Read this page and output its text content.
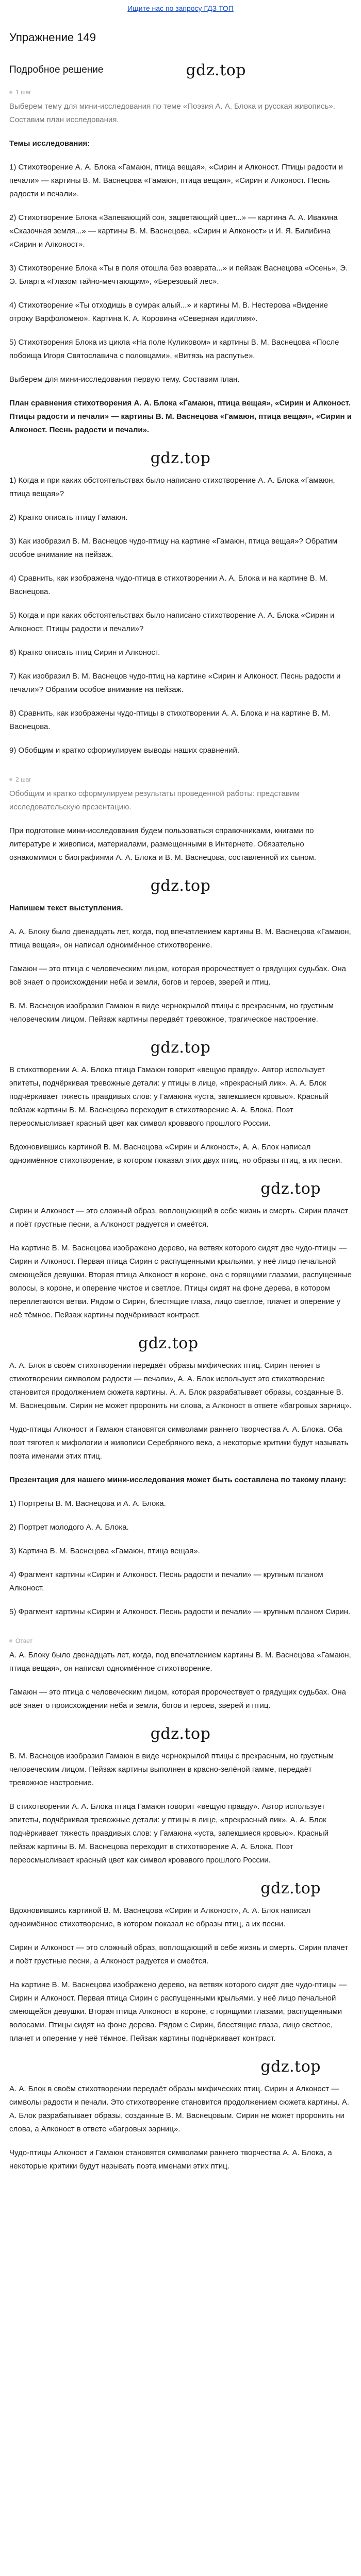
Ищите нас по запросу ГДЗ ТОП
Упражнение 149
Подробное решение	gdz.top
1 шаг

Выберем тему для мини-исследования по теме «Поэзия А. А. Блока и русская живопись». Составим план исследования.

Темы исследования:

1) Стихотворение А. А. Блока «Гамаюн, птица вещая», «Сирин и Алконост. Птицы радости и печали» — картины В. М. Васнецова «Гамаюн, птица вещая», «Сирин и Алконост. Песнь радости и печали».

2) Стихотворение Блока «Запевающий сон, зацветающий цвет...» — картина А. А. Ивакина «Сказочная земля...» — картины В. М. Васнецова, «Сирин и Алконост» и И. Я. Билибина «Сирин и Алконост».

3) Стихотворение Блока «Ты в поля отошла без возврата...» и пейзаж Васнецова «Осень», Э. Э. Бларта «Глазом тайно-мечтающим», «Березовый лес».

4) Стихотворение «Ты отходишь в сумрак алый...» и картины М. В. Нестерова «Видение отроку Варфоломею». Картина К. А. Коровина «Северная идиллия».

5) Стихотворения Блока из цикла «На поле Куликовом» и картины В. М. Васнецова «После побоища Игоря Святославича с половцами», «Витязь на распутье».

Выберем для мини-исследования первую тему. Составим план.

План сравнения стихотворения А. А. Блока «Гамаюн, птица вещая», «Сирин и Алконост. Птицы радости и печали» — картины В. М. Васнецова «Гамаюн, птица вещая», «Сирин и Алконост. Песнь радости и печали».

gdz.top

1) Когда и при каких обстоятельствах было написано стихотворение А. А. Блока «Гамаюн, птица вещая»?

2) Кратко описать птицу Гамаюн.

3) Как изобразил В. М. Васнецов чудо-птицу на картине «Гамаюн, птица вещая»? Обратим особое внимание на пейзаж.

4) Сравнить, как изображена чудо-птица в стихотворении А. А. Блока и на картине В. М. Васнецова.

5) Когда и при каких обстоятельствах было написано стихотворение А. А. Блока «Сирин и Алконост. Птицы радости и печали»?

6) Кратко описать птиц Сирин и Алконост.

7) Как изобразил В. М. Васнецов чудо-птиц на картине «Сирин и Алконост. Песнь радости и печали»? Обратим особое внимание на пейзаж.

8) Сравнить, как изображены чудо-птицы в стихотворении А. А. Блока и на картине В. М. Васнецова.

9) Обобщим и кратко сформулируем выводы наших сравнений.

2 шаг

Обобщим и кратко сформулируем результаты проведенной работы: представим исследовательскую презентацию.

При подготовке мини-исследования будем пользоваться справочниками, книгами по литературе и живописи, материалами, размещенными в Интернете. Обязательно ознакомимся с биографиями А. А. Блока и В. М. Васнецова, составленной их сыном.

gdz.top

Напишем текст выступления.

А. А. Блоку было двенадцать лет, когда, под впечатлением картины В. М. Васнецова «Гамаюн, птица вещая», он написал одноимённое стихотворение.

Гамаюн — это птица с человеческим лицом, которая пророчествует о грядущих судьбах. Она всё знает о происхождении неба и земли, богов и героев, зверей и птиц.

В. М. Васнецов изобразил Гамаюн в виде чернокрылой птицы с прекрасным, но грустным человеческим лицом. Пейзаж картины передаёт тревожное, трагическое настроение.

gdz.top

В стихотворении А. А. Блока птица Гамаюн говорит «вещую правду». Автор использует эпитеты, подчёркивая тревожные детали: у птицы в лице, «прекрасный лик». А. А. Блок подчёркивает тяжесть правдивых слов: у Гамаюна «уста, запекшиеся кровью». Красный пейзаж картины В. М. Васнецова переходит в стихотворение А. А. Блока. Поэт переосмысливает красный цвет как символ кровавого прошлого России.

Вдохновившись картиной В. М. Васнецова «Сирин и Алконост», А. А. Блок написал одноимённое стихотворение, в котором показал этих двух птиц, но образы птиц, а их песни.

gdz.top

Сирин и Алконост — это сложный образ, воплощающий в себе жизнь и смерть. Сирин плачет и поёт грустные песни, а Алконост радуется и смеётся.

На картине В. М. Васнецова изображено дерево, на ветвях которого сидят две чудо-птицы — Сирин и Алконост. Первая птица Сирин с распущенными крыльями, у неё лицо печальной смеющейся девушки. Вторая птица Алконост в короне, она с горящими глазами, распущенные волосы, в короне, и оперение чистое и светлое. Птицы сидят на фоне дерева, в котором переплетаются ветви. Рядом о Сирин, блестящие глаза, лицо светлое, плачет и оперение у неё тёмное. Пейзаж картины подчёркивает контраст.

gdz.top

А. А. Блок в своём стихотворении передаёт образы мифических птиц. Сирин пеняет в стихотворении символом радости — печали», А. А. Блок использует это стихотворение становится продолжением сюжета картины. А. А. Блок разрабатывает образы, созданные В. М. Васнецовым. Сирин не может проронить ни слова, а Алконост в ответе «багровых зарниц».

Чудо-птицы Алконост и Гамаюн становятся символами раннего творчества А. А. Блока. Оба поэт тяготел к мифологии и живописи Серебряного века, а некоторые критики будут называть поэта именами этих птиц.

Презентация для нашего мини-исследования может быть составлена по такому плану:

1) Портреты В. М. Васнецова и А. А. Блока.

2) Портрет молодого А. А. Блока.

3) Картина В. М. Васнецова «Гамаюн, птица вещая».

4) Фрагмент картины «Сирин и Алконост. Песнь радости и печали» — крупным планом Алконост.

5) Фрагмент картины «Сирин и Алконост. Песнь радости и печали» — крупным планом Сирин.

Ответ

А. А. Блоку было двенадцать лет, когда, под впечатлением картины В. М. Васнецова «Гамаюн, птица вещая», он написал одноимённое стихотворение.

Гамаюн — это птица с человеческим лицом, которая пророчествует о грядущих судьбах. Она всё знает о происхождении неба и земли, богов и героев, зверей и птиц.

gdz.top

В. М. Васнецов изобразил Гамаюн в виде чернокрылой птицы с прекрасным, но грустным человеческим лицом. Пейзаж картины выполнен в красно-зелёной гамме, передаёт тревожное настроение.

В стихотворении А. А. Блока птица Гамаюн говорит «вещую правду». Автор использует эпитеты, подчёркивая тревожные детали: у птицы в лице, «прекрасный лик». А. А. Блок подчёркивает тяжесть правдивых слов: у Гамаюна «уста, запекшиеся кровью». Красный пейзаж картины В. М. Васнецова переходит в стихотворение А. А. Блока. Поэт переосмысливает красный цвет как символ кровавого прошлого России.

gdz.top

Вдохновившись картиной В. М. Васнецова «Сирин и Алконост», А. А. Блок написал одноимённое стихотворение, в котором показал не образы птиц, а их песни.

Сирин и Алконост — это сложный образ, воплощающий в себе жизнь и смерть. Сирин плачет и поёт грустные песни, а Алконост радуется и смеётся.

На картине В. М. Васнецова изображено дерево, на ветвях которого сидят две чудо-птицы — Сирин и Алконост. Первая птица Сирин с распущенными крыльями, у неё лицо печальной смеющейся девушки. Вторая птица Алконост в короне, с горящими глазами, распущенными волосами. Птицы сидят на фоне дерева. Рядом с Сирин, блестящие глаза, лицо светлое, плачет и оперение у неё тёмное. Пейзаж картины подчёркивает контраст.

gdz.top

А. А. Блок в своём стихотворении передаёт образы мифических птиц. Сирин и Алконост — символы радости и печали. Это стихотворение становится продолжением сюжета картины. А. А. Блок разрабатывает образы, созданные В. М. Васнецовым. Сирин не может проронить ни слова, а Алконост в ответе «багровых зарниц».

Чудо-птицы Алконост и Гамаюн становятся символами раннего творчества А. А. Блока, а некоторые критики будут называть поэта именами этих птиц.
